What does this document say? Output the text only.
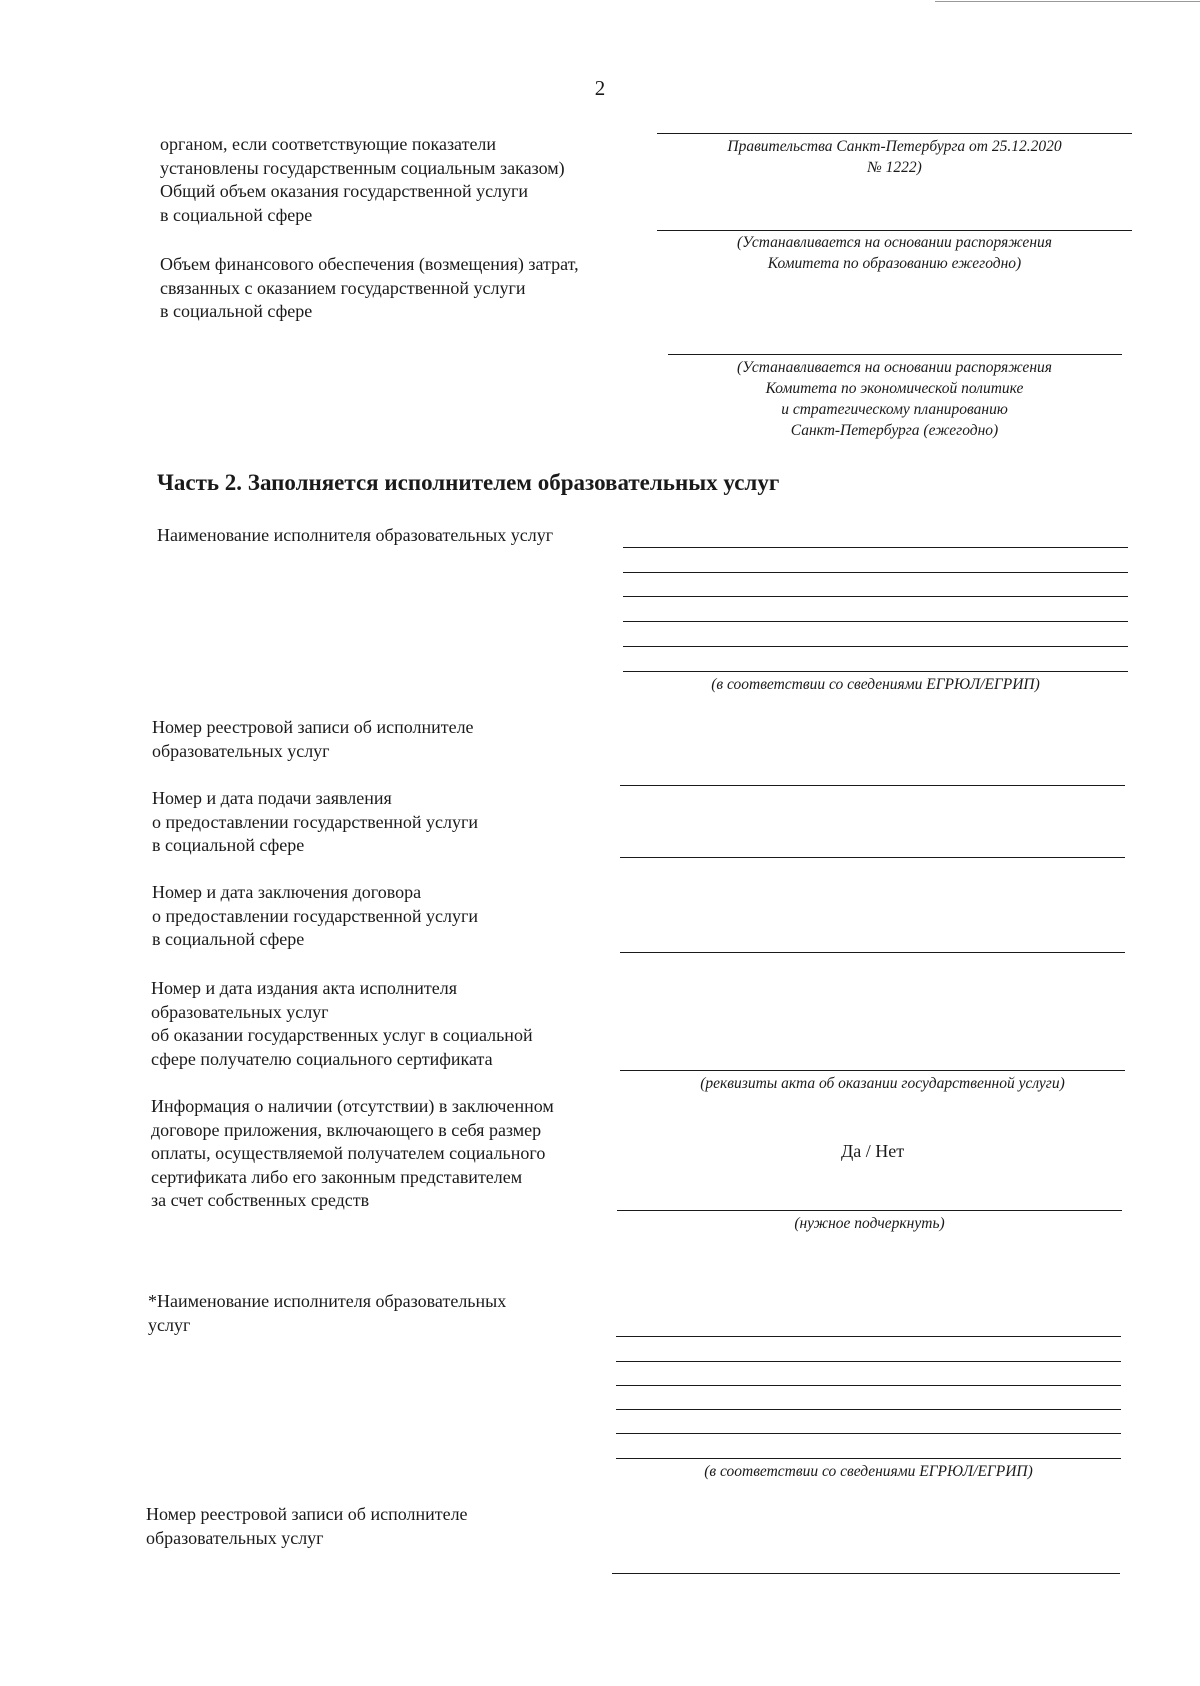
2
органом, если соответствующие показатели
установлены государственным социальным заказом)
Общий объем оказания государственной услуги
в социальной сфере
Объем финансового обеспечения (возмещения) затрат,
связанных с оказанием государственной услуги
в социальной сфере
Правительства Санкт-Петербурга от 25.12.2020
№ 1222)
(Устанавливается на основании распоряжения
Комитета по образованию ежегодно)
(Устанавливается на основании распоряжения
Комитета по экономической политике
и стратегическому планированию
Санкт-Петербурга (ежегодно)
Часть 2. Заполняется исполнителем образовательных услуг
Наименование исполнителя образовательных услуг
(в соответствии со сведениями ЕГРЮЛ/ЕГРИП)
Номер реестровой записи об исполнителе
образовательных услуг
Номер и дата подачи заявления
о предоставлении государственной услуги
в социальной сфере
Номер и дата заключения договора
о предоставлении государственной услуги
в социальной сфере
Номер и дата издания акта исполнителя
образовательных услуг
об оказании государственных услуг в социальной
сфере получателю социального сертификата
(реквизиты акта об оказании государственной услуги)
Информация о наличии (отсутствии) в заключенном
договоре приложения, включающего в себя размер
оплаты, осуществляемой получателем социального
сертификата либо его законным представителем
за счет собственных средств
Да / Нет
(нужное подчеркнуть)
*Наименование исполнителя образовательных
услуг
(в соответствии со сведениями ЕГРЮЛ/ЕГРИП)
Номер реестровой записи об исполнителе
образовательных услуг
